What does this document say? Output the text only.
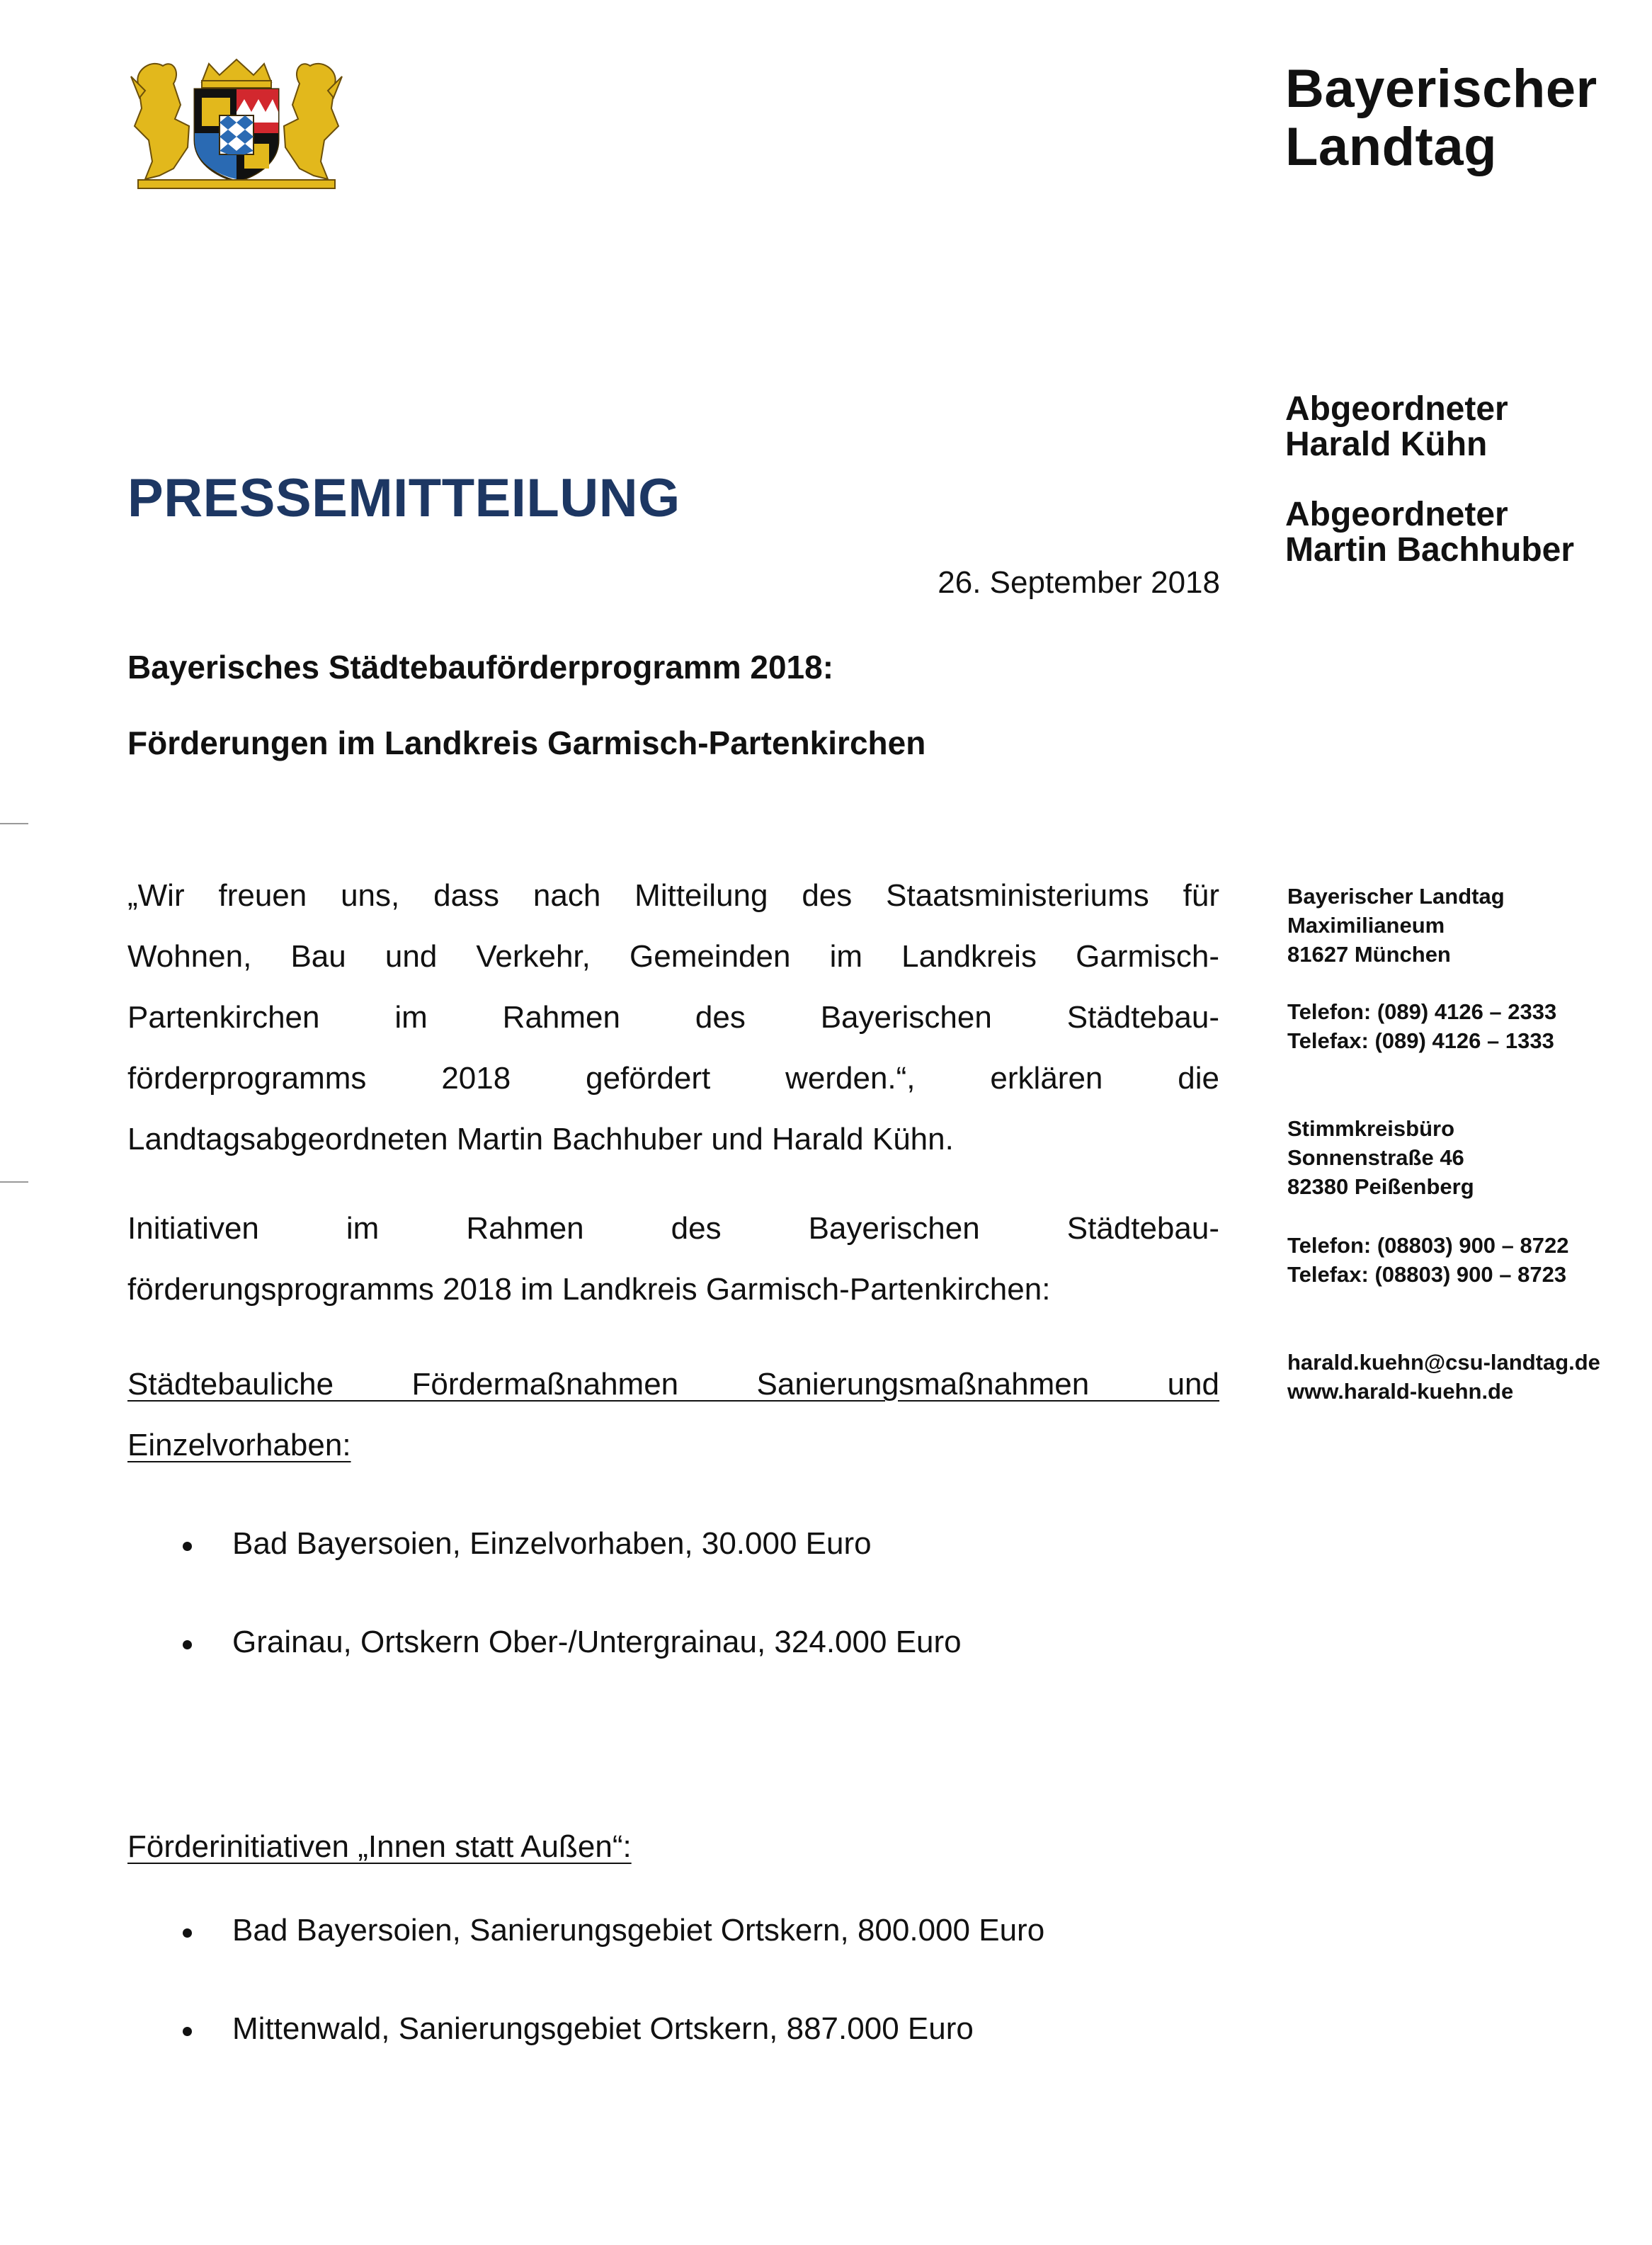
Bayerischer
Landtag
Abgeordneter
Harald Kühn
Abgeordneter
Martin Bachhuber
PRESSEMITTEILUNG
26. September 2018
Bayerisches Städtebauförderprogramm 2018:
Förderungen im Landkreis Garmisch-Partenkirchen
„Wir freuen uns, dass nach Mitteilung des Staatsministeriums für
Wohnen, Bau und Verkehr, Gemeinden im Landkreis Garmisch-
Partenkirchen im Rahmen des Bayerischen Städtebau-
förderprogramms 2018 gefördert werden.“, erklären die
Landtagsabgeordneten Martin Bachhuber und Harald Kühn.
Initiativen im Rahmen des Bayerischen Städtebau-
förderungsprogramms 2018 im Landkreis Garmisch-Partenkirchen:
Städtebauliche Fördermaßnahmen Sanierungsmaßnahmen und
Einzelvorhaben:
Bad Bayersoien, Einzelvorhaben, 30.000 Euro
Grainau, Ortskern Ober-/Untergrainau, 324.000 Euro
Förderinitiativen „Innen statt Außen“:
Bad Bayersoien, Sanierungsgebiet Ortskern, 800.000 Euro
Mittenwald, Sanierungsgebiet Ortskern, 887.000 Euro
Bayerischer Landtag
Maximilianeum
81627 München
Telefon: (089) 4126 – 2333
Telefax: (089) 4126 – 1333
Stimmkreisbüro
Sonnenstraße 46
82380 Peißenberg
Telefon: (08803) 900 – 8722
Telefax: (08803) 900 – 8723
harald.kuehn@csu-landtag.de
www.harald-kuehn.de
